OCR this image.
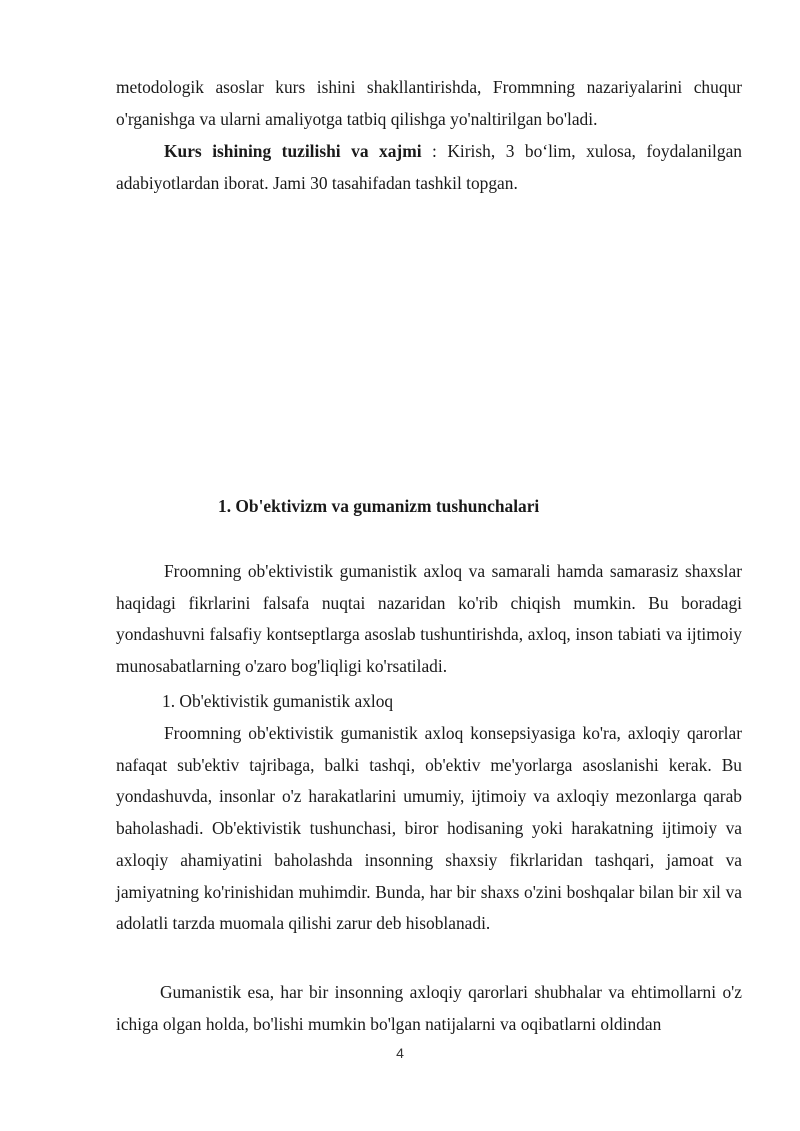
metodologik asoslar kurs ishini shakllantirishda, Frommning nazariyalarini chuqur o'rganishga va ularni amaliyotga tatbiq qilishga yo'naltirilgan bo'ladi.

Kurs ishining tuzilishi va xajmi : Kirish, 3 bo‘lim, xulosa, foydalanilgan adabiyotlardan iborat. Jami 30 tasahifadan tashkil topgan.

1. Ob'ektivizm va gumanizm tushunchalari

Froomning ob'ektivistik gumanistik axloq va samarali hamda samarasiz shaxslar haqidagi fikrlarini falsafa nuqtai nazaridan ko'rib chiqish mumkin. Bu boradagi yondashuvni falsafiy kontseptlarga asoslab tushuntirishda, axloq, inson tabiati va ijtimoiy munosabatlarning o'zaro bog'liqligi ko'rsatiladi.

1. Ob'ektivistik gumanistik axloq

Froomning ob'ektivistik gumanistik axloq konsepsiyasiga ko'ra, axloqiy qarorlar nafaqat sub'ektiv tajribaga, balki tashqi, ob'ektiv me'yorlarga asoslanishi kerak. Bu yondashuvda, insonlar o'z harakatlarini umumiy, ijtimoiy va axloqiy mezonlarga qarab baholashadi. Ob'ektivistik tushunchasi, biror hodisaning yoki harakatning ijtimoiy va axloqiy ahamiyatini baholashda insonning shaxsiy fikrlaridan tashqari, jamoat va jamiyatning ko'rinishidan muhimdir. Bunda, har bir shaxs o'zini boshqalar bilan bir xil va adolatli tarzda muomala qilishi zarur deb hisoblanadi.

Gumanistik esa, har bir insonning axloqiy qarorlari shubhalar va ehtimollarni o'z ichiga olgan holda, bo'lishi mumkin bo'lgan natijalarni va oqibatlarni oldindan

4
